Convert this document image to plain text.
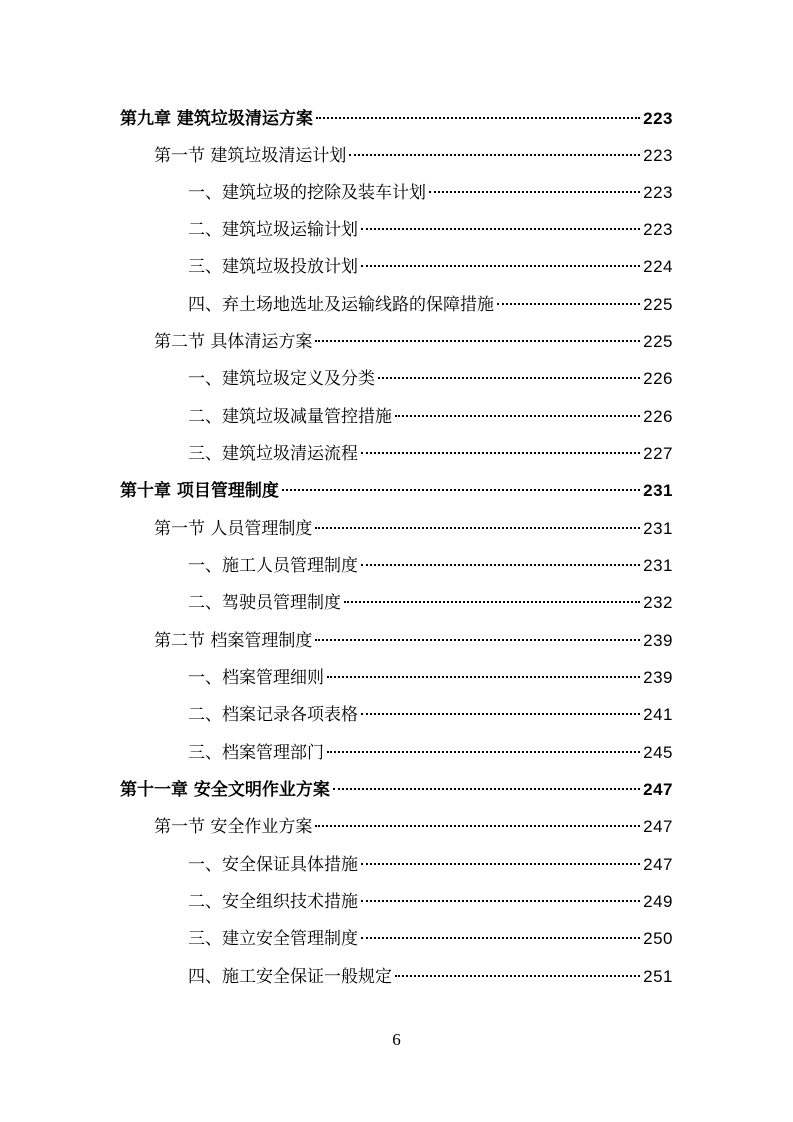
第九章 建筑垃圾清运方案	223
第一节 建筑垃圾清运计划	223
一、建筑垃圾的挖除及装车计划	223
二、建筑垃圾运输计划	223
三、建筑垃圾投放计划	224
四、弃土场地选址及运输线路的保障措施	225
第二节 具体清运方案	225
一、建筑垃圾定义及分类	226
二、建筑垃圾减量管控措施	226
三、建筑垃圾清运流程	227
第十章 项目管理制度	231
第一节 人员管理制度	231
一、施工人员管理制度	231
二、驾驶员管理制度	232
第二节 档案管理制度	239
一、档案管理细则	239
二、档案记录各项表格	241
三、档案管理部门	245
第十一章 安全文明作业方案	247
第一节 安全作业方案	247
一、安全保证具体措施	247
二、安全组织技术措施	249
三、建立安全管理制度	250
四、施工安全保证一般规定	251
6
